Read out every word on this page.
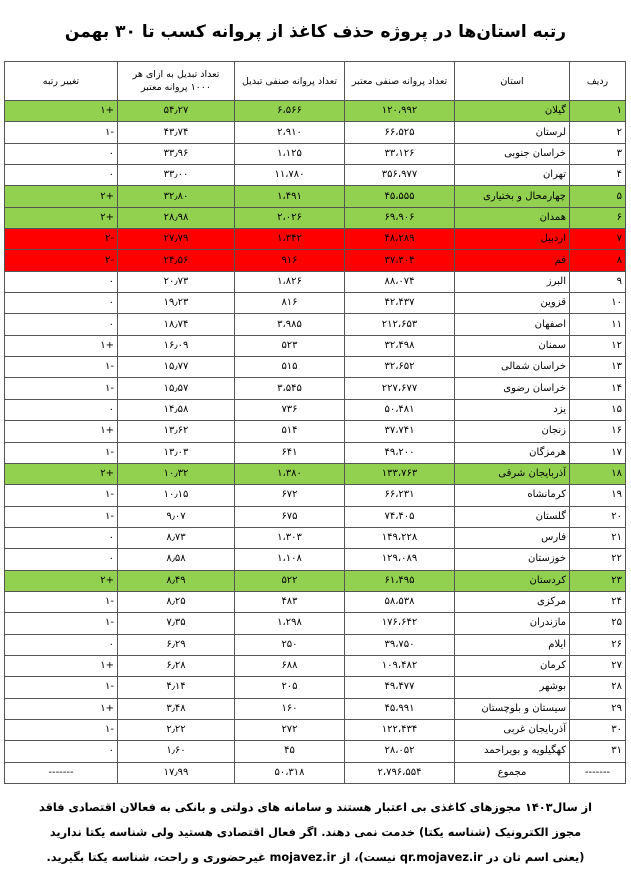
رتبه استان‌ها در پروژه حذف کاغذ از پروانه کسب تا ۳۰ بهمن
ردیف	استان	تعداد پروانه صنفی معتبر	تعداد پروانه صنفی تبدیل	تعداد تبدیل به ازای هر ۱۰۰۰ پروانه معتبر	تغییر رتبه
۱	گیلان	۱۲۰،۹۹۲	۶،۵۶۶	۵۴٫۲۷	+۱
۲	لرستان	۶۶،۵۲۵	۲،۹۱۰	۴۳٫۷۴	-۱
۳	خراسان جنوبی	۳۳،۱۲۶	۱،۱۲۵	۳۳٫۹۶	۰
۴	تهران	۳۵۶،۹۷۷	۱۱،۷۸۰	۳۳٫۰۰	۰
۵	چهارمحال و بختیاری	۴۵،۵۵۵	۱،۴۹۱	۳۲٫۸۰	+۲
۶	همدان	۶۹،۹۰۶	۲،۰۲۶	۲۸٫۹۸	+۲
۷	اردبیل	۴۸،۲۸۹	۱،۳۴۲	۲۷٫۷۹	-۲
۸	قم	۳۷،۳۰۴	۹۱۶	۲۴٫۵۶	-۲
۹	البرز	۸۸،۰۷۴	۱،۸۲۶	۲۰٫۷۳	۰
۱۰	قزوین	۴۲،۴۳۷	۸۱۶	۱۹٫۲۳	۰
۱۱	اصفهان	۲۱۲،۶۵۳	۳،۹۸۵	۱۸٫۷۴	۰
۱۲	سمنان	۳۲،۴۹۸	۵۲۳	۱۶٫۰۹	+۱
۱۳	خراسان شمالی	۳۲،۶۵۲	۵۱۵	۱۵٫۷۷	-۱
۱۴	خراسان رضوی	۲۲۷،۶۷۷	۳،۵۴۵	۱۵٫۵۷	-۱
۱۵	یزد	۵۰،۴۸۱	۷۳۶	۱۴٫۵۸	۰
۱۶	زنجان	۳۷،۷۴۱	۵۱۴	۱۳٫۶۲	+۱
۱۷	هرمزگان	۴۹،۲۰۰	۶۴۱	۱۳٫۰۳	-۱
۱۸	آذربایجان شرقی	۱۳۳،۷۶۳	۱،۳۸۰	۱۰٫۳۲	+۲
۱۹	کرمانشاه	۶۶،۲۳۱	۶۷۲	۱۰٫۱۵	-۱
۲۰	گلستان	۷۴،۴۰۵	۶۷۵	۹٫۰۷	-۱
۲۱	فارس	۱۴۹،۲۲۸	۱،۳۰۳	۸٫۷۳	۰
۲۲	خوزستان	۱۲۹،۰۸۹	۱،۱۰۸	۸٫۵۸	۰
۲۳	کردستان	۶۱،۴۹۵	۵۲۲	۸٫۴۹	+۲
۲۴	مرکزی	۵۸،۵۳۸	۴۸۳	۸٫۲۵	-۱
۲۵	مازندران	۱۷۶،۶۴۲	۱،۲۹۸	۷٫۳۵	-۱
۲۶	ایلام	۳۹،۷۵۰	۲۵۰	۶٫۲۹	۰
۲۷	کرمان	۱۰۹،۴۸۲	۶۸۸	۶٫۲۸	+۱
۲۸	بوشهر	۴۹،۴۷۷	۲۰۵	۴٫۱۴	-۱
۲۹	سیستان و بلوچستان	۴۵،۹۹۱	۱۶۰	۳٫۴۸	+۱
۳۰	آذربایجان غربی	۱۲۲،۴۳۴	۲۷۲	۲٫۲۲	-۱
۳۱	کهگیلویه و بویراحمد	۲۸،۰۵۲	۴۵	۱٫۶۰	۰
-------	مجموع	۲،۷۹۶،۵۵۴	۵۰،۳۱۸	۱۷٫۹۹	-------
از سال۱۴۰۳ مجوزهای کاغذی بی اعتبار هستند و سامانه های دولتی و بانکی به فعالان اقتصادی فاقد
مجوز الکترونیک (شناسه یکتا) خدمت نمی دهند. اگر فعال اقتصادی هستید ولی شناسه یکتا ندارید
(یعنی اسم تان در qr.mojavez.ir نیست)، از mojavez.ir غیرحضوری و راحت، شناسه یکتا بگیرید.
